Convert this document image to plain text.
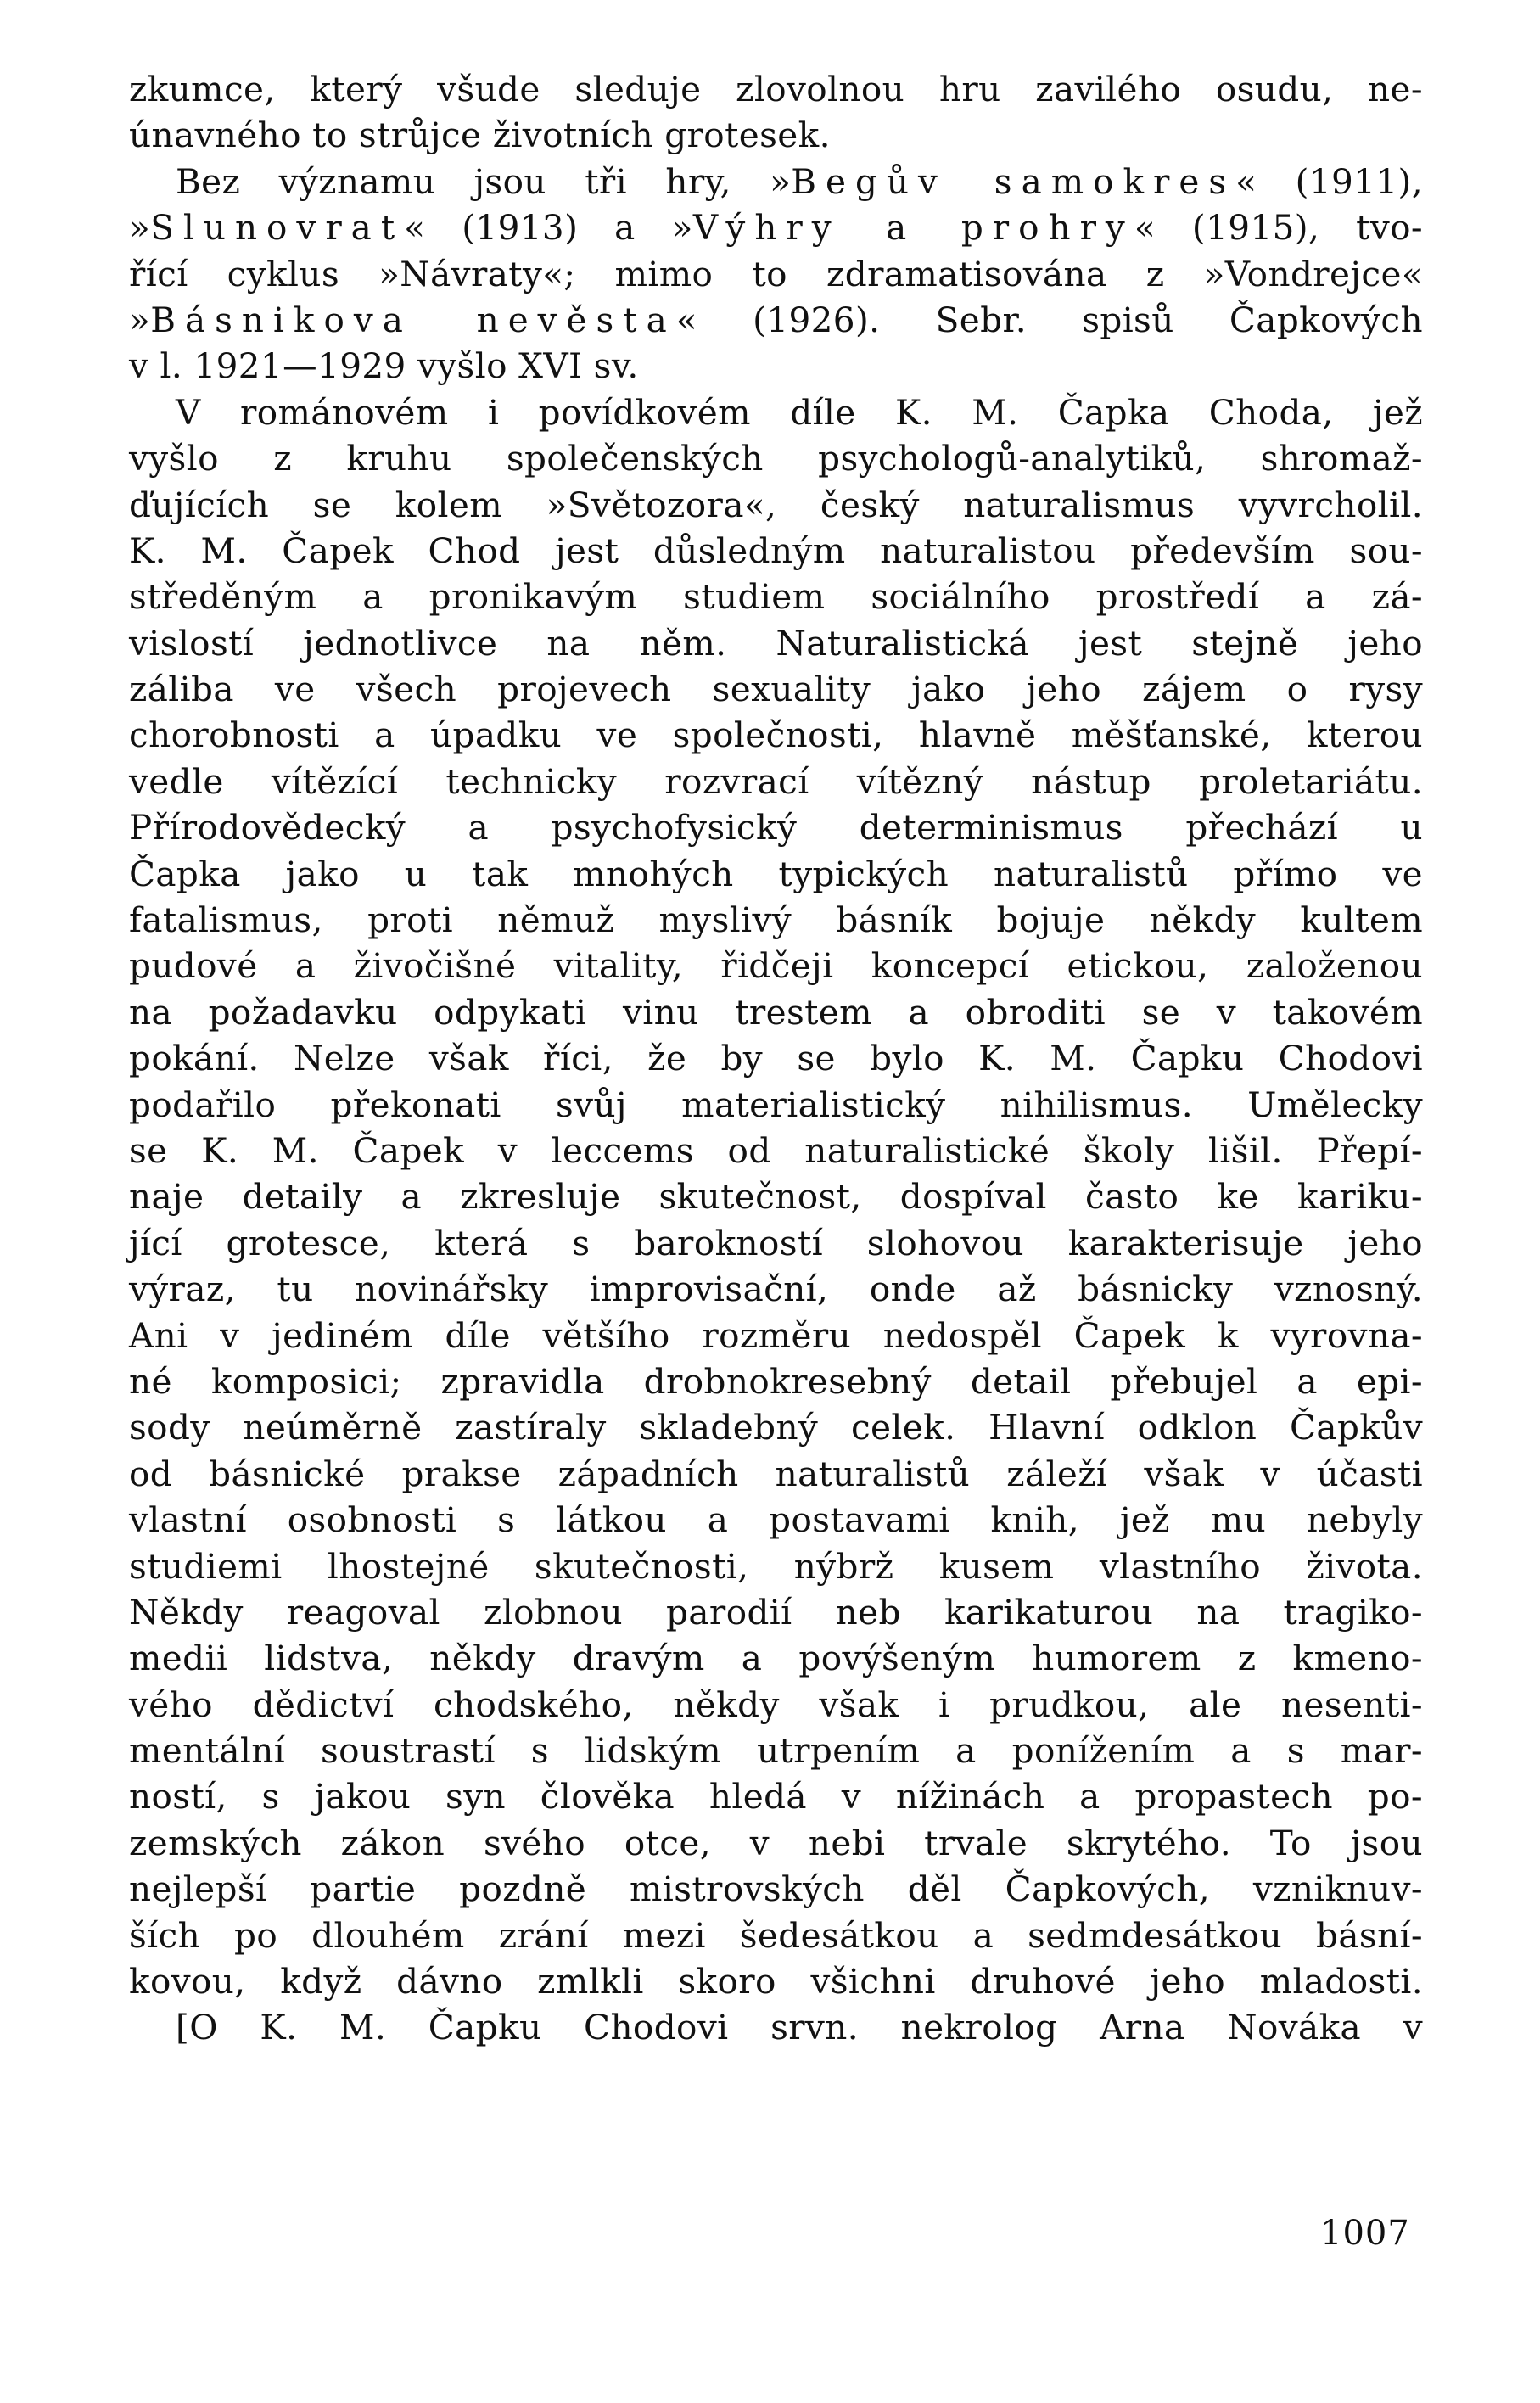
zkumce, který všude sleduje zlovolnou hru zavilého osudu, ne-
únavného to strůjce životních grotesek.
Bez významu jsou tři hry, »Begův samokres« (1911),
»Slunovrat« (1913) a »Výhry a prohry« (1915), tvo-
řící cyklus »Návraty«; mimo to zdramatisována z »Vondrejce«
»Básnikova nevěsta« (1926). Sebr. spisů Čapkových
v l. 1921—1929 vyšlo XVI sv.
V románovém i povídkovém díle K. M. Čapka Choda, jež
vyšlo z kruhu společenských psychologů-analytiků, shromaž-
ďujících se kolem »Světozora«, český naturalismus vyvrcholil.
K. M. Čapek Chod jest důsledným naturalistou především sou-
středěným a pronikavým studiem sociálního prostředí a zá-
vislostí jednotlivce na něm. Naturalistická jest stejně jeho
záliba ve všech projevech sexuality jako jeho zájem o rysy
chorobnosti a úpadku ve společnosti, hlavně měšťanské, kterou
vedle vítězící technicky rozvrací vítězný nástup proletariátu.
Přírodovědecký a psychofysický determinismus přechází u
Čapka jako u tak mnohých typických naturalistů přímo ve
fatalismus, proti němuž myslivý básník bojuje někdy kultem
pudové a živočišné vitality, řidčeji koncepcí etickou, založenou
na požadavku odpykati vinu trestem a obroditi se v takovém
pokání. Nelze však říci, že by se bylo K. M. Čapku Chodovi
podařilo překonati svůj materialistický nihilismus. Umělecky
se K. M. Čapek v leccems od naturalistické školy lišil. Přepí-
naje detaily a zkresluje skutečnost, dospíval často ke kariku-
jící grotesce, která s barokností slohovou karakterisuje jeho
výraz, tu novinářsky improvisační, onde až básnicky vznosný.
Ani v jediném díle většího rozměru nedospěl Čapek k vyrovna-
né komposici; zpravidla drobnokresebný detail přebujel a epi-
sody neúměrně zastíraly skladebný celek. Hlavní odklon Čapkův
od básnické prakse západních naturalistů záleží však v účasti
vlastní osobnosti s látkou a postavami knih, jež mu nebyly
studiemi lhostejné skutečnosti, nýbrž kusem vlastního života.
Někdy reagoval zlobnou parodií neb karikaturou na tragiko-
medii lidstva, někdy dravým a povýšeným humorem z kmeno-
vého dědictví chodského, někdy však i prudkou, ale nesenti-
mentální soustrastí s lidským utrpením a ponížením a s mar-
ností, s jakou syn člověka hledá v nížinách a propastech po-
zemských zákon svého otce, v nebi trvale skrytého. To jsou
nejlepší partie pozdně mistrovských děl Čapkových, vzniknuv-
ších po dlouhém zrání mezi šedesátkou a sedmdesátkou básní-
kovou, když dávno zmlkli skoro všichni druhové jeho mladosti.
[O K. M. Čapku Chodovi srvn. nekrolog Arna Nováka v
1007
